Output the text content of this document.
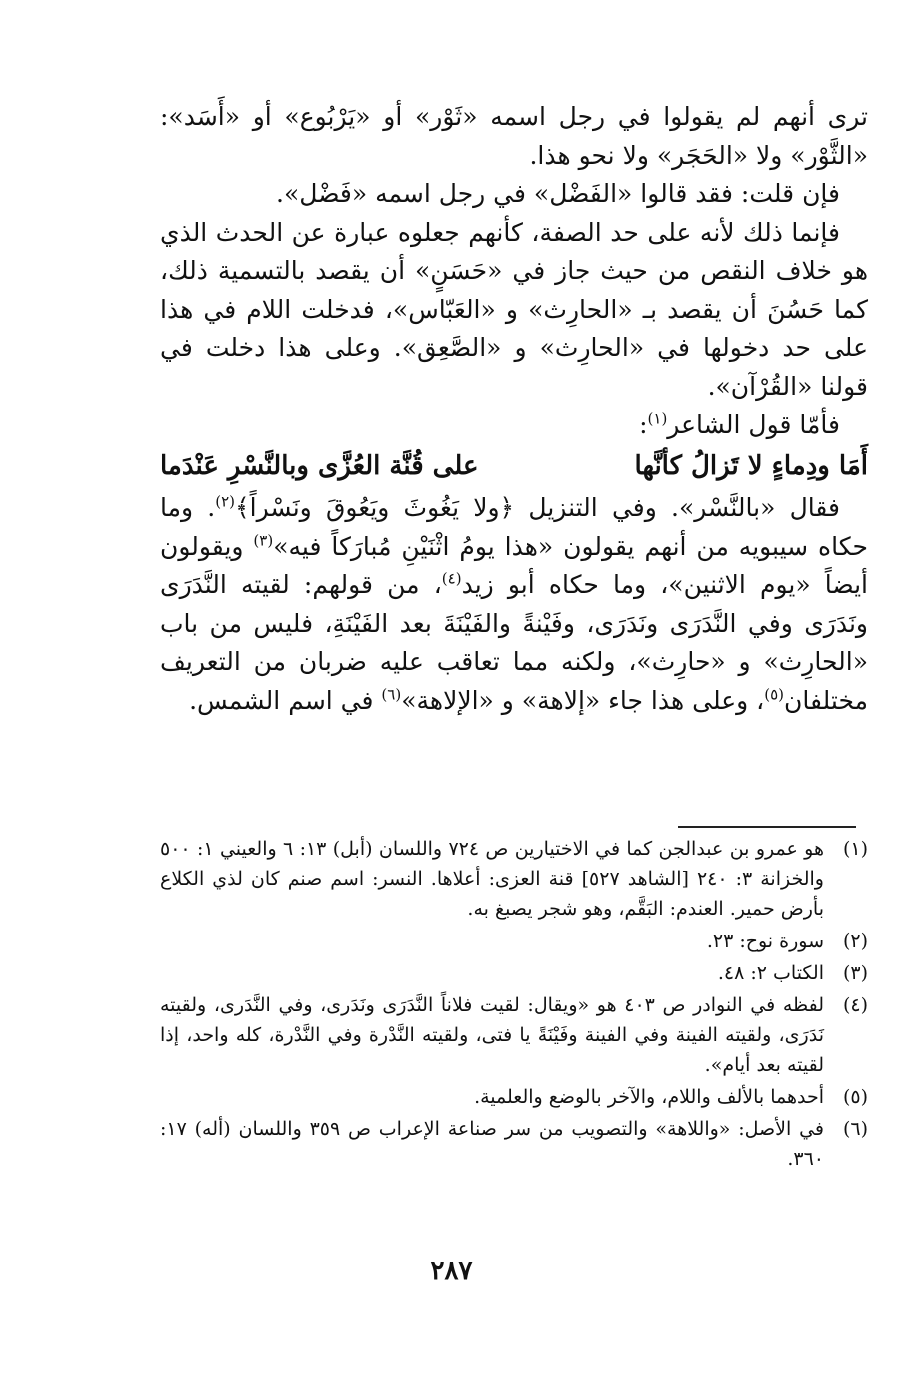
ترى أنهم لم يقولوا في رجل اسمه «ثَوْر» أو «يَرْبُوع» أو «أَسَد»: «الثَّوْر» ولا «الحَجَر» ولا نحو هذا.

فإن قلت: فقد قالوا «الفَضْل» في رجل اسمه «فَضْل».

فإنما ذلك لأنه على حد الصفة، كأنهم جعلوه عبارة عن الحدث الذي هو خلاف النقص من حيث جاز في «حَسَنٍ» أن يقصد بالتسمية ذلك، كما حَسُنَ أن يقصد بـ «الحارِث» و «العَبّاس»، فدخلت اللام في هذا على حد دخولها في «الحارِث» و «الصَّعِق». وعلى هذا دخلت في قولنا «القُرْآن».

فأمّا قول الشاعر$^{(١)}$:

أَمَا ودِماءٍ لا تَزالُ كأنَّها
على قُنَّة العُزَّى وبالنَّسْرِ عَنْدَما

فقال «بالنَّسْر». وفي التنزيل ﴿ولا يَغُوثَ ويَعُوقَ ونَسْراً﴾$^{(٢)}$. وما حكاه سيبويه من أنهم يقولون «هذا يومُ اثْنَيْنِ مُبارَكاً فيه»$^{(٣)}$ ويقولون أيضاً «يوم الاثنين»، وما حكاه أبو زيد$^{(٤)}$، من قولهم: لقيته النَّدَرَى ونَدَرَى وفي النَّدَرَى ونَدَرَى، وفَيْنةً والفَيْنَةَ بعد الفَيْنَةِ، فليس من باب «الحارِث» و «حارِث»، ولكنه مما تعاقب عليه ضربان من التعريف مختلفان$^{(٥)}$، وعلى هذا جاء «إلاهة» و «الإلاهة»$^{(٦)}$ في اسم الشمس.

(١)
هو عمرو بن عبدالجن كما في الاختيارين ص ٧٢٤ واللسان (أبل) ١٣: ٦ والعيني ١: ٥٠٠ والخزانة ٣: ٢٤٠ [الشاهد ٥٢٧] قنة العزى: أعلاها. النسر: اسم صنم كان لذي الكلاع بأرض حمير. العندم: البَقَّم، وهو شجر يصبغ به.
(٢)
سورة نوح: ٢٣.
(٣)
الكتاب ٢: ٤٨.
(٤)
لفظه في النوادر ص ٤٠٣ هو «ويقال: لقيت فلاناً النَّدَرَى ونَدَرى، وفي النَّدَرى، ولقيته نَدَرَى، ولقيته الفينة وفي الفينة وفَيْنَةً يا فتى، ولقيته النَّدْرة وفي النَّدْرة، كله واحد، إذا لقيته بعد أيام».
(٥)
أحدهما بالألف واللام، والآخر بالوضع والعلمية.
(٦)
في الأصل: «واللاهة» والتصويب من سر صناعة الإعراب ص ٣٥٩ واللسان (أله) ١٧: ٣٦٠.
٢٨٧
